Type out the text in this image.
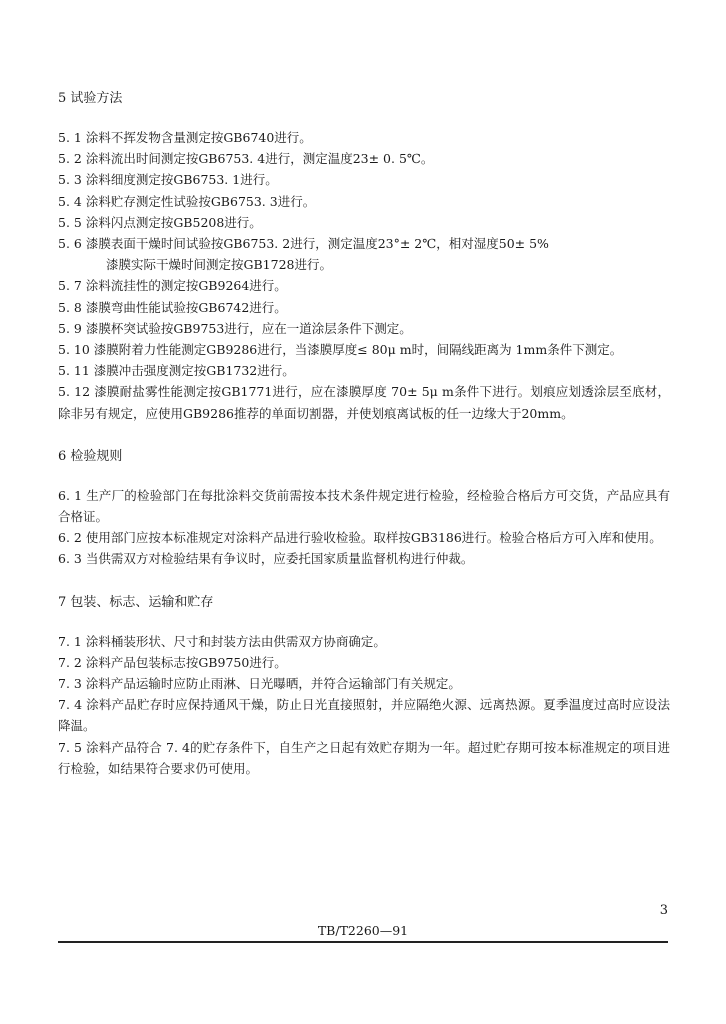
5 试验方法

5. 1 涂料不挥发物含量测定按GB6740进行。

5. 2 涂料流出时间测定按GB6753. 4进行，测定温度23± 0. 5℃。

5. 3 涂料细度测定按GB6753. 1进行。

5. 4 涂料贮存测定性试验按GB6753. 3进行。

5. 5 涂料闪点测定按GB5208进行。

5. 6 漆膜表面干燥时间试验按GB6753. 2进行，测定温度23°± 2℃，相对湿度50± 5%

漆膜实际干燥时间测定按GB1728进行。

5. 7 涂料流挂性的测定按GB9264进行。

5. 8 漆膜弯曲性能试验按GB6742进行。

5. 9 漆膜杯突试验按GB9753进行，应在一道涂层条件下测定。

5. 10 漆膜附着力性能测定GB9286进行，当漆膜厚度≤ 80μ m时，间隔线距离为 1mm条件下测定。

5. 11 漆膜冲击强度测定按GB1732进行。

5. 12 漆膜耐盐雾性能测定按GB1771进行，应在漆膜厚度 70± 5μ m条件下进行。划痕应划透涂层至底材，除非另有规定，应使用GB9286推荐的单面切割器，并使划痕离试板的任一边缘大于20mm。

6 检验规则

6. 1 生产厂的检验部门在每批涂料交货前需按本技术条件规定进行检验，经检验合格后方可交货，产品应具有合格证。

6. 2 使用部门应按本标准规定对涂料产品进行验收检验。取样按GB3186进行。检验合格后方可入库和使用。

6. 3 当供需双方对检验结果有争议时，应委托国家质量监督机构进行仲裁。

7 包装、标志、运输和贮存

7. 1 涂料桶装形状、尺寸和封装方法由供需双方协商确定。

7. 2 涂料产品包装标志按GB9750进行。

7. 3 涂料产品运输时应防止雨淋、日光曝晒，并符合运输部门有关规定。

7. 4 涂料产品贮存时应保持通风干燥，防止日光直接照射，并应隔绝火源、远离热源。夏季温度过高时应设法降温。

7. 5 涂料产品符合 7. 4的贮存条件下，自生产之日起有效贮存期为一年。超过贮存期可按本标准规定的项目进行检验，如结果符合要求仍可使用。

3
TB/T2260—91
